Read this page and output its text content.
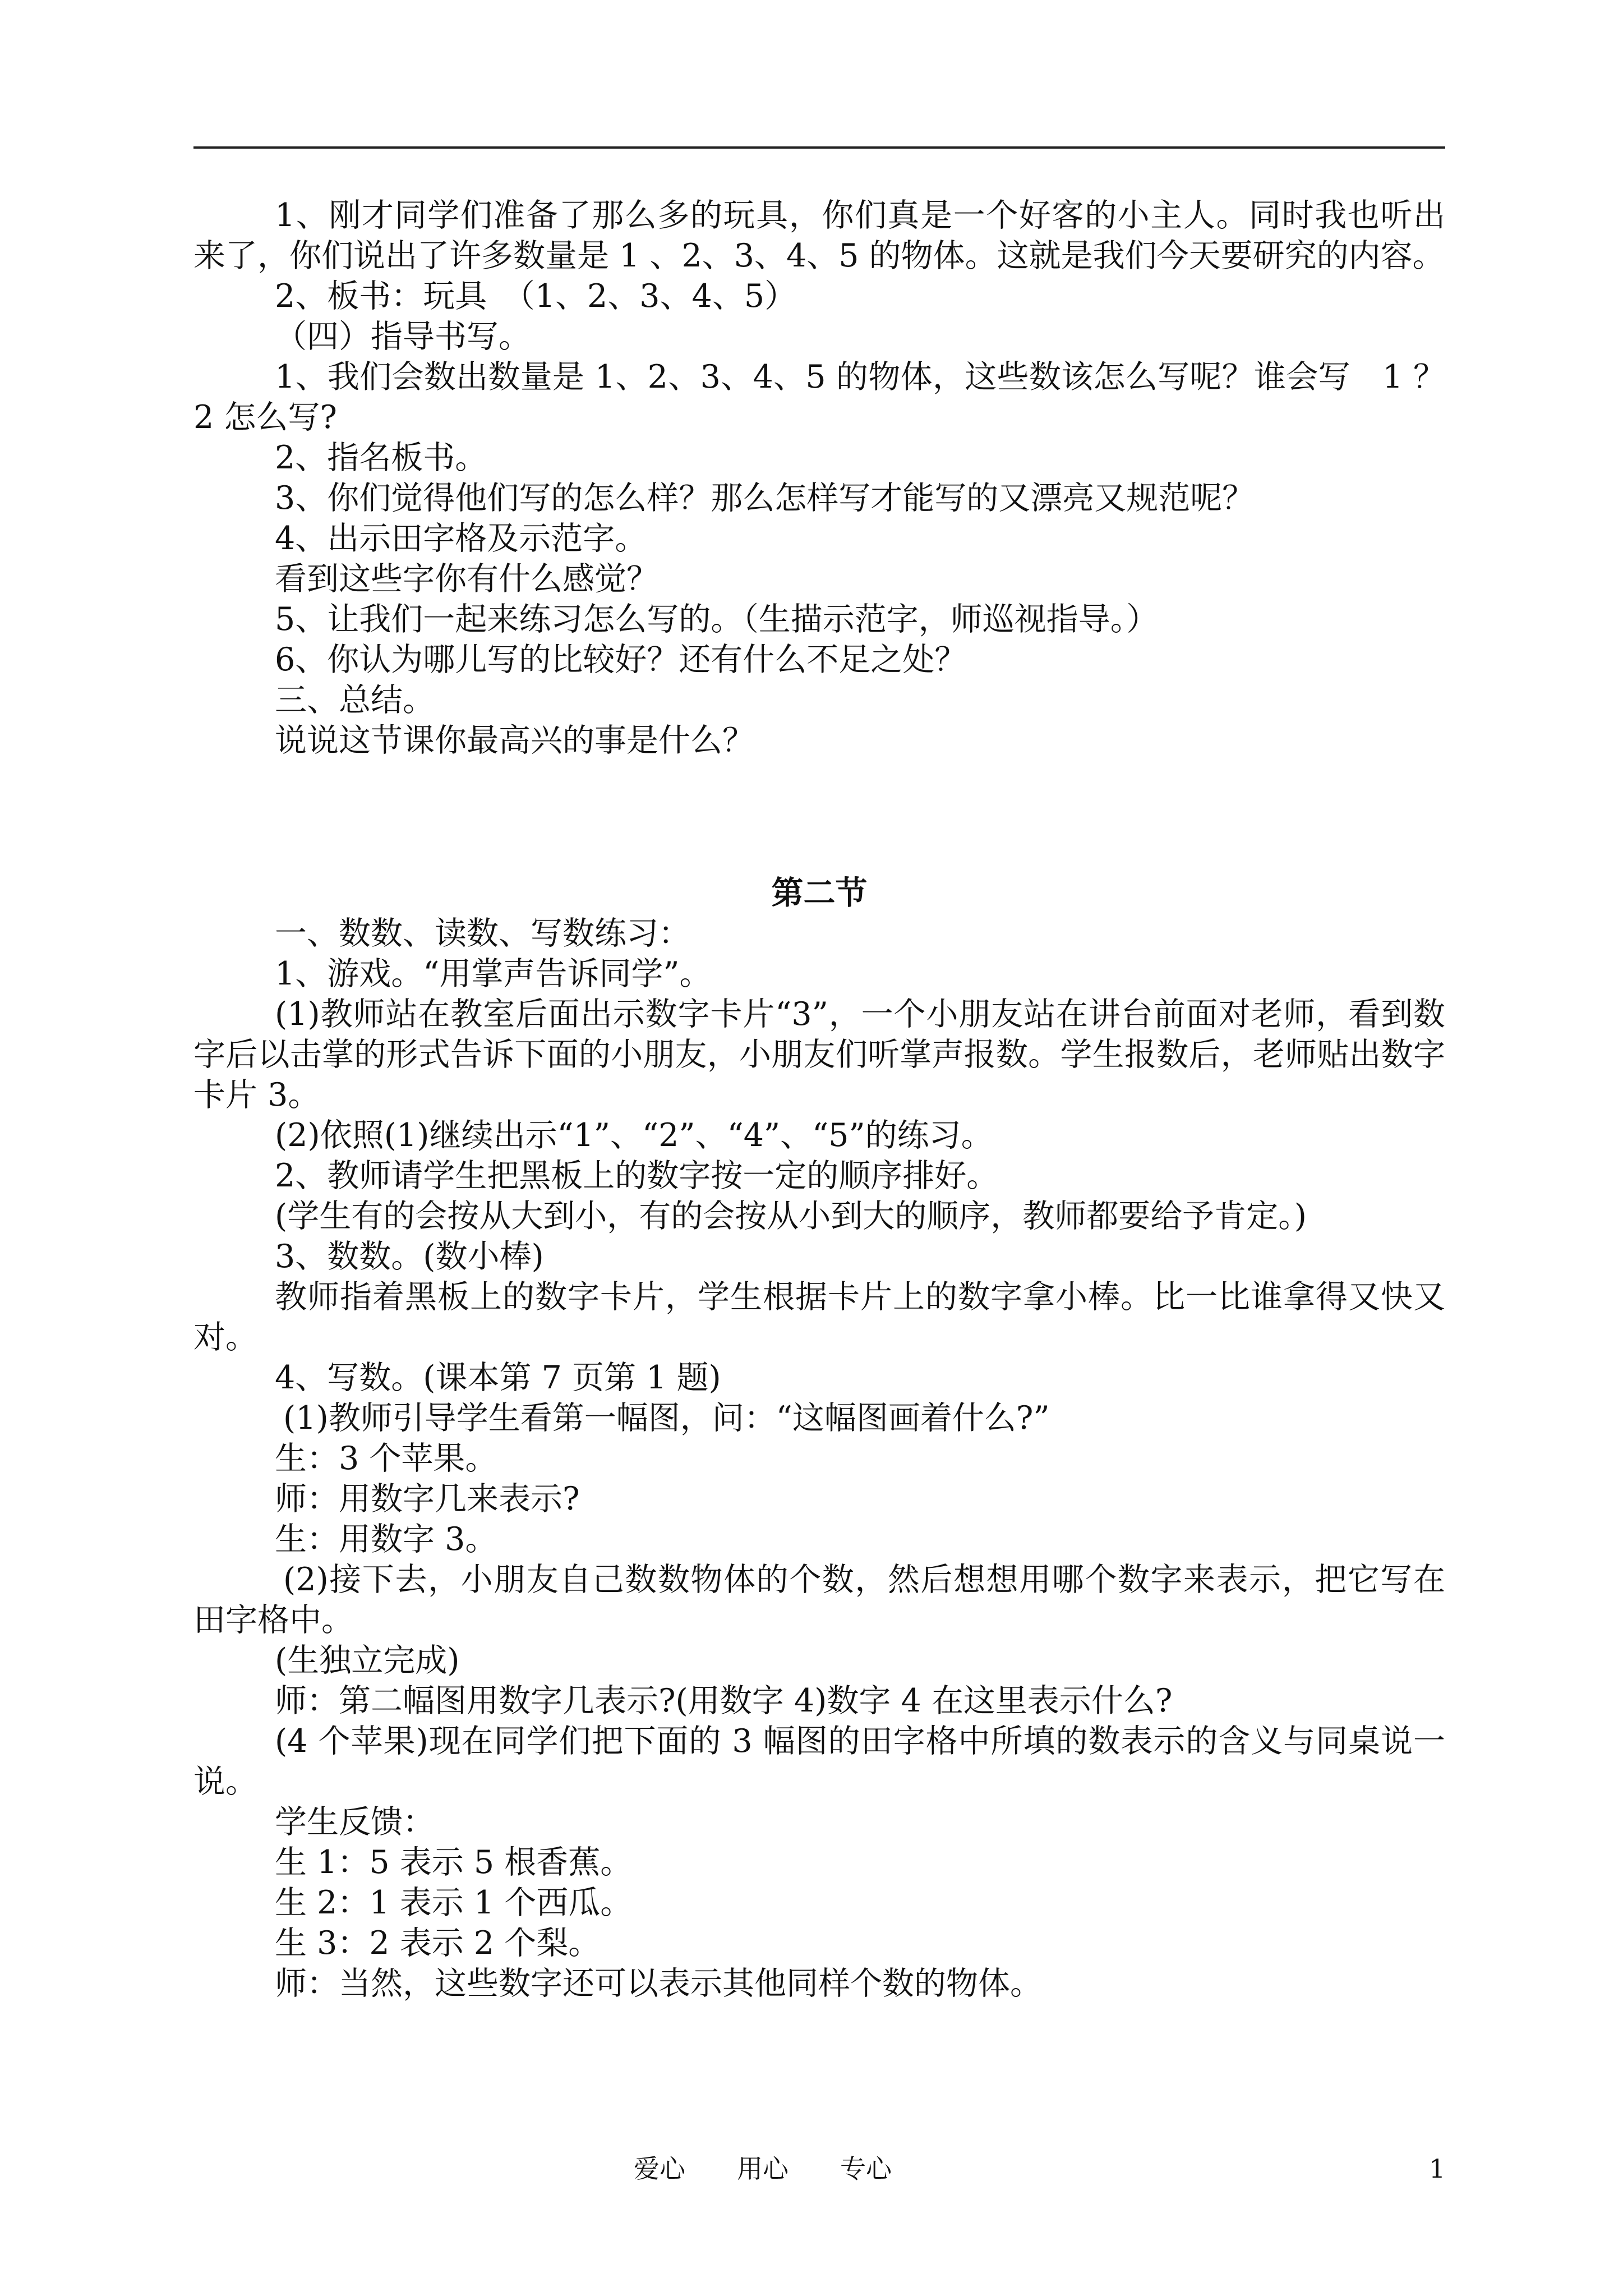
1、刚才同学们准备了那么多的玩具，你们真是一个好客的小主人。同时我也听出来了，你们说出了许多数量是 1 、2、3、4、5 的物体。这就是我们今天要研究的内容。

2、板书：玩具　（1、2、3、4、5）

（四）指导书写。

1、我们会数出数量是 1、2、3、4、5 的物体，这些数该怎么写呢？谁会写　1 ？ 2 怎么写?

2、指名板书。

3、你们觉得他们写的怎么样？那么怎样写才能写的又漂亮又规范呢？

4、出示田字格及示范字。

看到这些字你有什么感觉？

5、让我们一起来练习怎么写的。（生描示范字，师巡视指导。）

6、你认为哪儿写的比较好？还有什么不足之处？

三、总结。

说说这节课你最高兴的事是什么？

第二节

一、数数、读数、写数练习：

1、游戏。“用掌声告诉同学”。

(1)教师站在教室后面出示数字卡片“3”，一个小朋友站在讲台前面对老师，看到数字后以击掌的形式告诉下面的小朋友，小朋友们听掌声报数。学生报数后，老师贴出数字卡片 3。

(2)依照(1)继续出示“1”、“2”、“4”、“5”的练习。

2、教师请学生把黑板上的数字按一定的顺序排好。

(学生有的会按从大到小，有的会按从小到大的顺序，教师都要给予肯定。)

3、数数。(数小棒)

教师指着黑板上的数字卡片，学生根据卡片上的数字拿小棒。比一比谁拿得又快又对。

4、写数。(课本第 7 页第 1 题)

(1)教师引导学生看第一幅图，问：“这幅图画着什么?”

生：3 个苹果。

师：用数字几来表示?

生：用数字 3。

(2)接下去，小朋友自己数数物体的个数，然后想想用哪个数字来表示，把它写在田字格中。

(生独立完成)

师：第二幅图用数字几表示?(用数字 4)数字 4 在这里表示什么?

(4 个苹果)现在同学们把下面的 3 幅图的田字格中所填的数表示的含义与同桌说一说。

学生反馈：

生 1：5 表示 5 根香蕉。

生 2：1 表示 1 个西瓜。

生 3：2 表示 2 个梨。

师：当然，这些数字还可以表示其他同样个数的物体。

爱心　　用心　　专心	1
